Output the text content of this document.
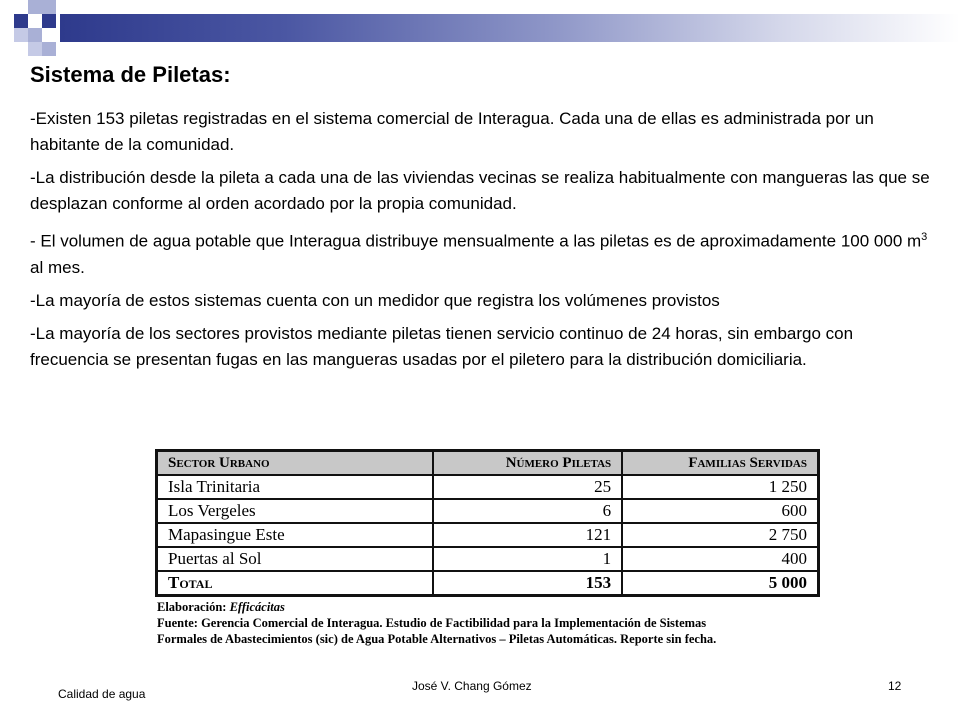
Sistema de Piletas:

-Existen 153 piletas registradas en el sistema comercial de Interagua. Cada una de ellas es administrada por un habitante de la comunidad.

-La distribución desde la pileta a cada una de las viviendas vecinas se realiza habitualmente con mangueras las que se desplazan conforme al orden acordado por la propia comunidad.

- El volumen de agua potable que Interagua distribuye mensualmente a las piletas es de aproximadamente 100 000 $m^3$ al mes.

-La mayoría de estos sistemas cuenta con un medidor que registra los volúmenes provistos

-La mayoría de los sectores provistos mediante piletas tienen servicio continuo de 24 horas, sin embargo con frecuencia se presentan fugas en las mangueras usadas por el piletero para la distribución domiciliaria.

Sector Urbano	Número Piletas	Familias Servidas
Isla Trinitaria	25	1 250
Los Vergeles	6	600
Mapasingue Este	121	2 750
Puertas al Sol	1	400
Total	153	5 000
Elaboración: Efficácitas
Fuente: Gerencia Comercial de Interagua. Estudio de Factibilidad para la Implementación de Sistemas
Formales de Abastecimientos (sic) de Agua Potable Alternativos – Piletas Automáticas. Reporte sin fecha.
Calidad de agua
José V. Chang Gómez	12
